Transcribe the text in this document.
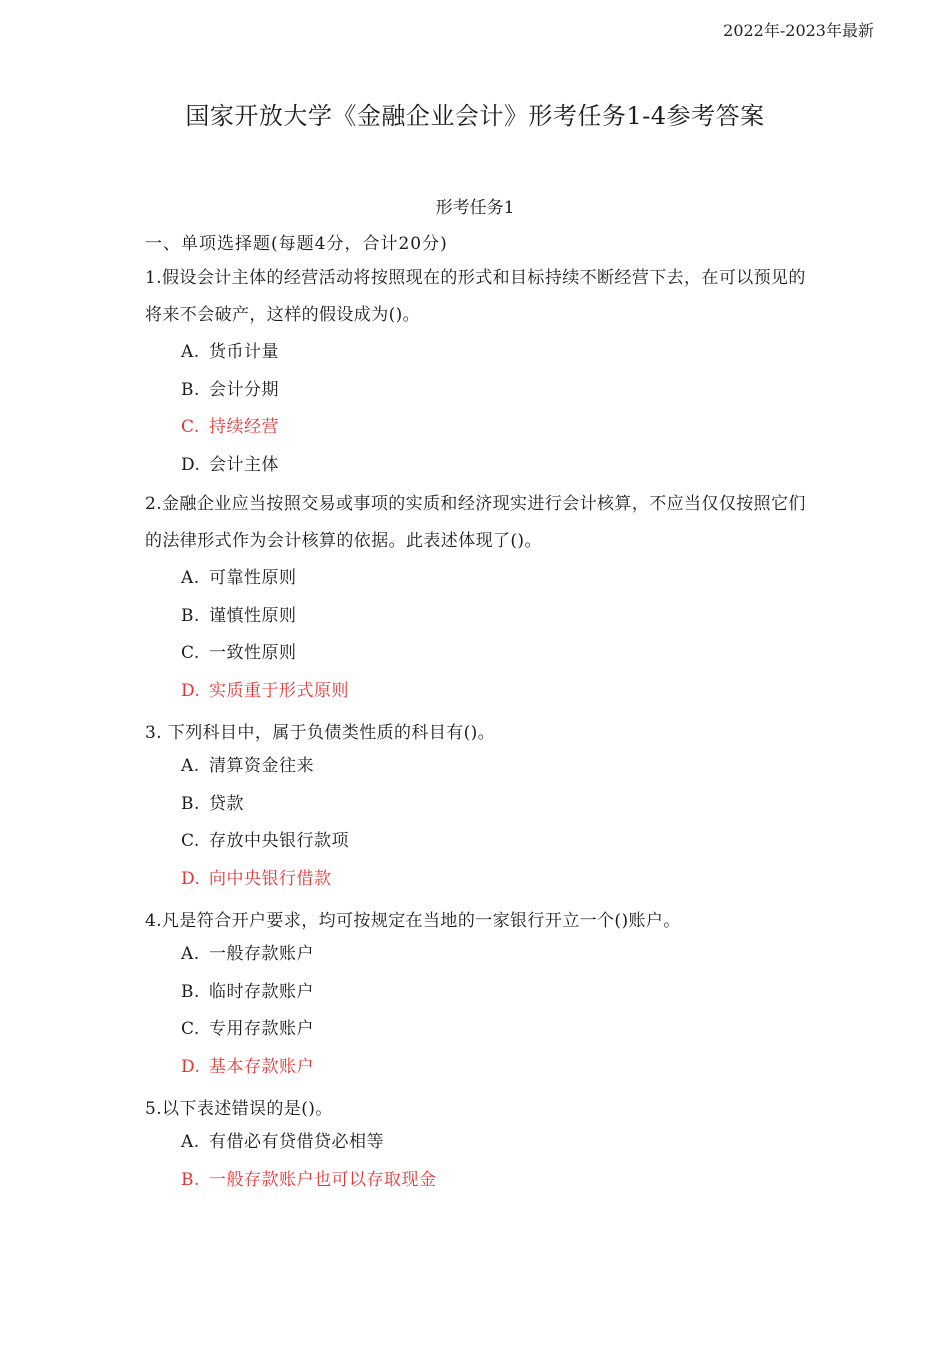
2022年-2023年最新
国家开放大学《金融企业会计》形考任务1-4参考答案
形考任务1
一、单项选择题(每题4分，合计20分)
1.假设会计主体的经营活动将按照现在的形式和目标持续不断经营下去，在可以预见的将来不会破产，这样的假设成为()。
A. 货币计量
B. 会计分期
C. 持续经营
D. 会计主体
2.金融企业应当按照交易或事项的实质和经济现实进行会计核算，不应当仅仅按照它们的法律形式作为会计核算的依据。此表述体现了()。
A. 可靠性原则
B. 谨慎性原则
C. 一致性原则
D. 实质重于形式原则
3. 下列科目中，属于负债类性质的科目有()。
A. 清算资金往来
B. 贷款
C. 存放中央银行款项
D. 向中央银行借款
4.凡是符合开户要求，均可按规定在当地的一家银行开立一个()账户。
A. 一般存款账户
B. 临时存款账户
C. 专用存款账户
D. 基本存款账户
5.以下表述错误的是()。
A. 有借必有贷借贷必相等
B. 一般存款账户也可以存取现金
